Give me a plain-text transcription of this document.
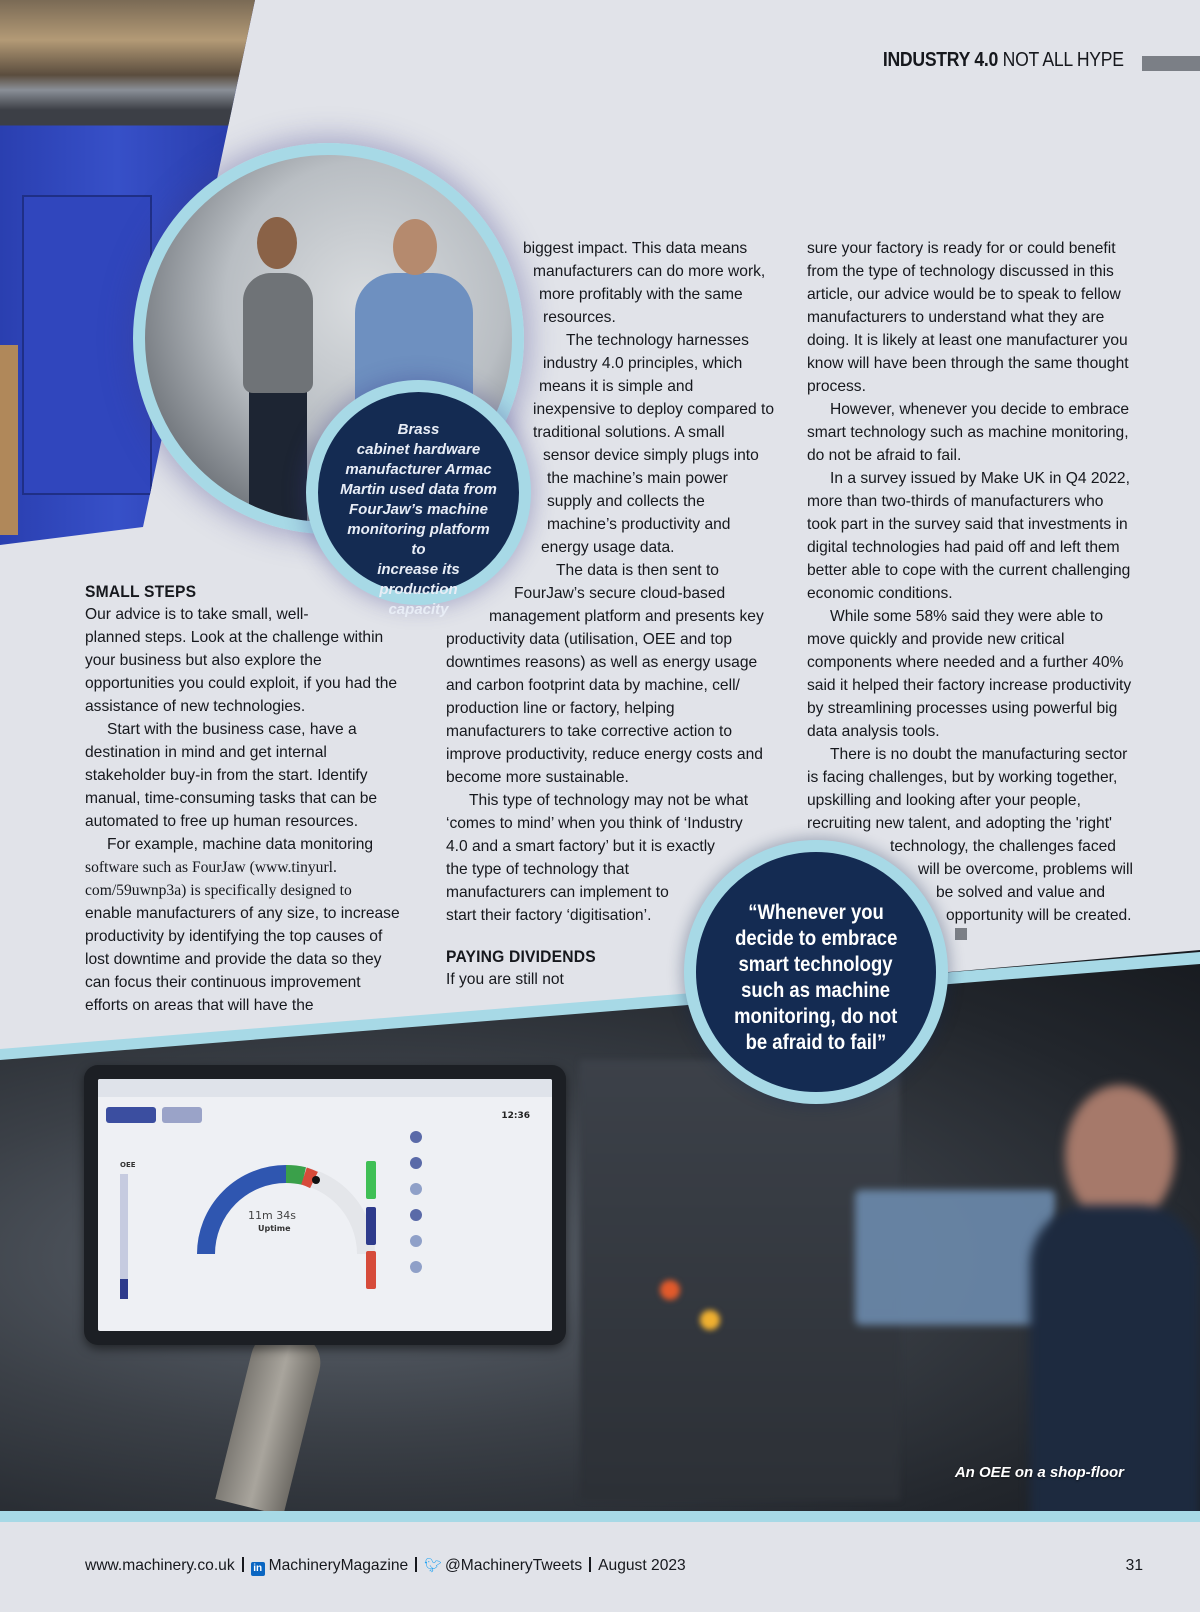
INDUSTRY 4.0 NOT ALL HYPE
Brass
cabinet hardware
manufacturer Armac
Martin used data from
FourJaw’s machine
monitoring platform to
increase its production
capacity
SMALL STEPS
Our advice is to take small, well-
planned steps. Look at the challenge within
your business but also explore the
opportunities you could exploit, if you had the
assistance of new technologies.
Start with the business case, have a
destination in mind and get internal
stakeholder buy-in from the start. Identify
manual, time-consuming tasks that can be
automated to free up human resources.
For example, machine data monitoring
software such as FourJaw (www.tinyurl.
com/59uwnp3a) is specifically designed to
enable manufacturers of any size, to increase
productivity by identifying the top causes of
lost downtime and provide the data so they
can focus their continuous improvement
efforts on areas that will have the
biggest impact. This data means
manufacturers can do more work,
more profitably with the same
resources.
The technology harnesses
industry 4.0 principles, which
means it is simple and
inexpensive to deploy compared to
traditional solutions. A small
sensor device simply plugs into
the machine’s main power
supply and collects the
machine’s productivity and
energy usage data.
The data is then sent to
FourJaw’s secure cloud-based
management platform and presents key
productivity data (utilisation, OEE and top
downtimes reasons) as well as energy usage
and carbon footprint data by machine, cell/
production line or factory, helping
manufacturers to take corrective action to
improve productivity, reduce energy costs and
become more sustainable.
This type of technology may not be what
‘comes to mind’ when you think of ‘Industry
4.0 and a smart factory’ but it is exactly
the type of technology that
manufacturers can implement to
start their factory ‘digitisation’.
PAYING DIVIDENDS
If you are still not
sure your factory is ready for or could benefit
from the type of technology discussed in this
article, our advice would be to speak to fellow
manufacturers to understand what they are
doing. It is likely at least one manufacturer you
know will have been through the same thought
process.
However, whenever you decide to embrace
smart technology such as machine monitoring,
do not be afraid to fail.
In a survey issued by Make UK in Q4 2022,
more than two-thirds of manufacturers who
took part in the survey said that investments in
digital technologies had paid off and left them
better able to cope with the current challenging
economic conditions.
While some 58% said they were able to
move quickly and provide new critical
components where needed and a further 40%
said it helped their factory increase productivity
by streamlining processes using powerful big
data analysis tools.
There is no doubt the manufacturing sector
is facing challenges, but by working together,
upskilling and looking after your people,
recruiting new talent, and adopting the 'right'
technology, the challenges faced
will be overcome, problems will
be solved and value and
opportunity will be created.
12:36
OEE
11m 34s
Uptime
An OEE on a shop-floor
“Whenever you
decide to embrace
smart technology
such as machine
monitoring, do not
be afraid to fail”
www.machinery.co.uk in MachineryMagazine 🐦︎ @MachineryTweets August 2023	31
